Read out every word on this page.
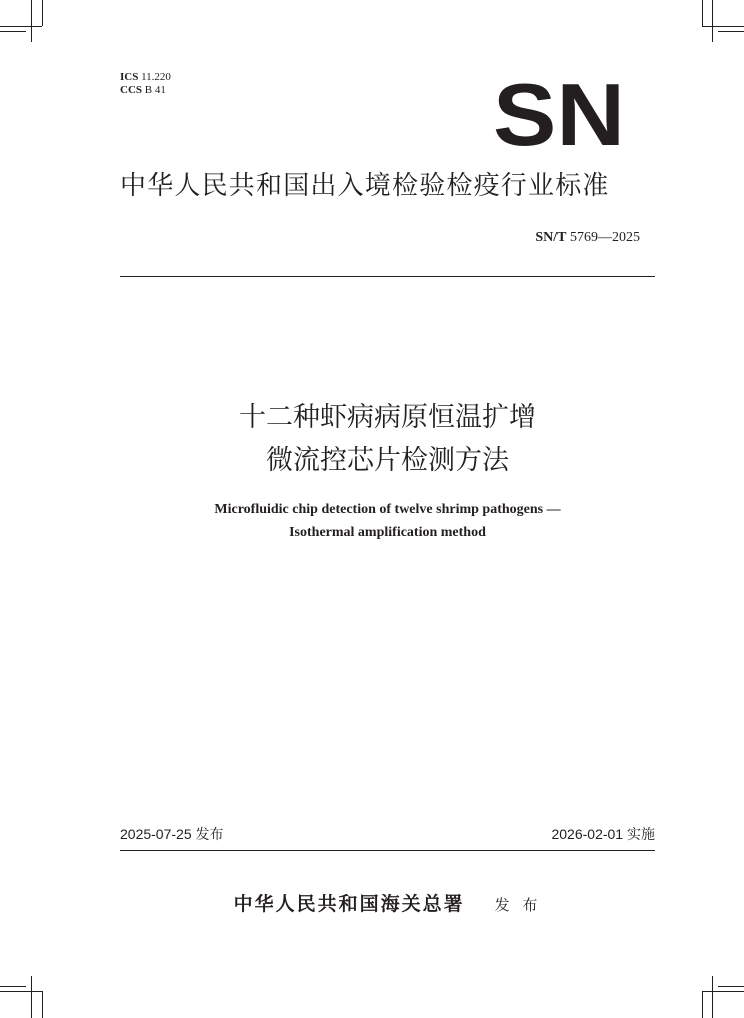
ICS 11.220
CCS B 41	SN
中华人民共和国出入境检验检疫行业标准
SN/T 5769—2025
十二种虾病病原恒温扩增
微流控芯片检测方法
Microfluidic chip detection of twelve shrimp pathogens —
Isothermal amplification method
2025-07-25 发布	2026-02-01 实施
中华人民共和国海关总署 发 布
